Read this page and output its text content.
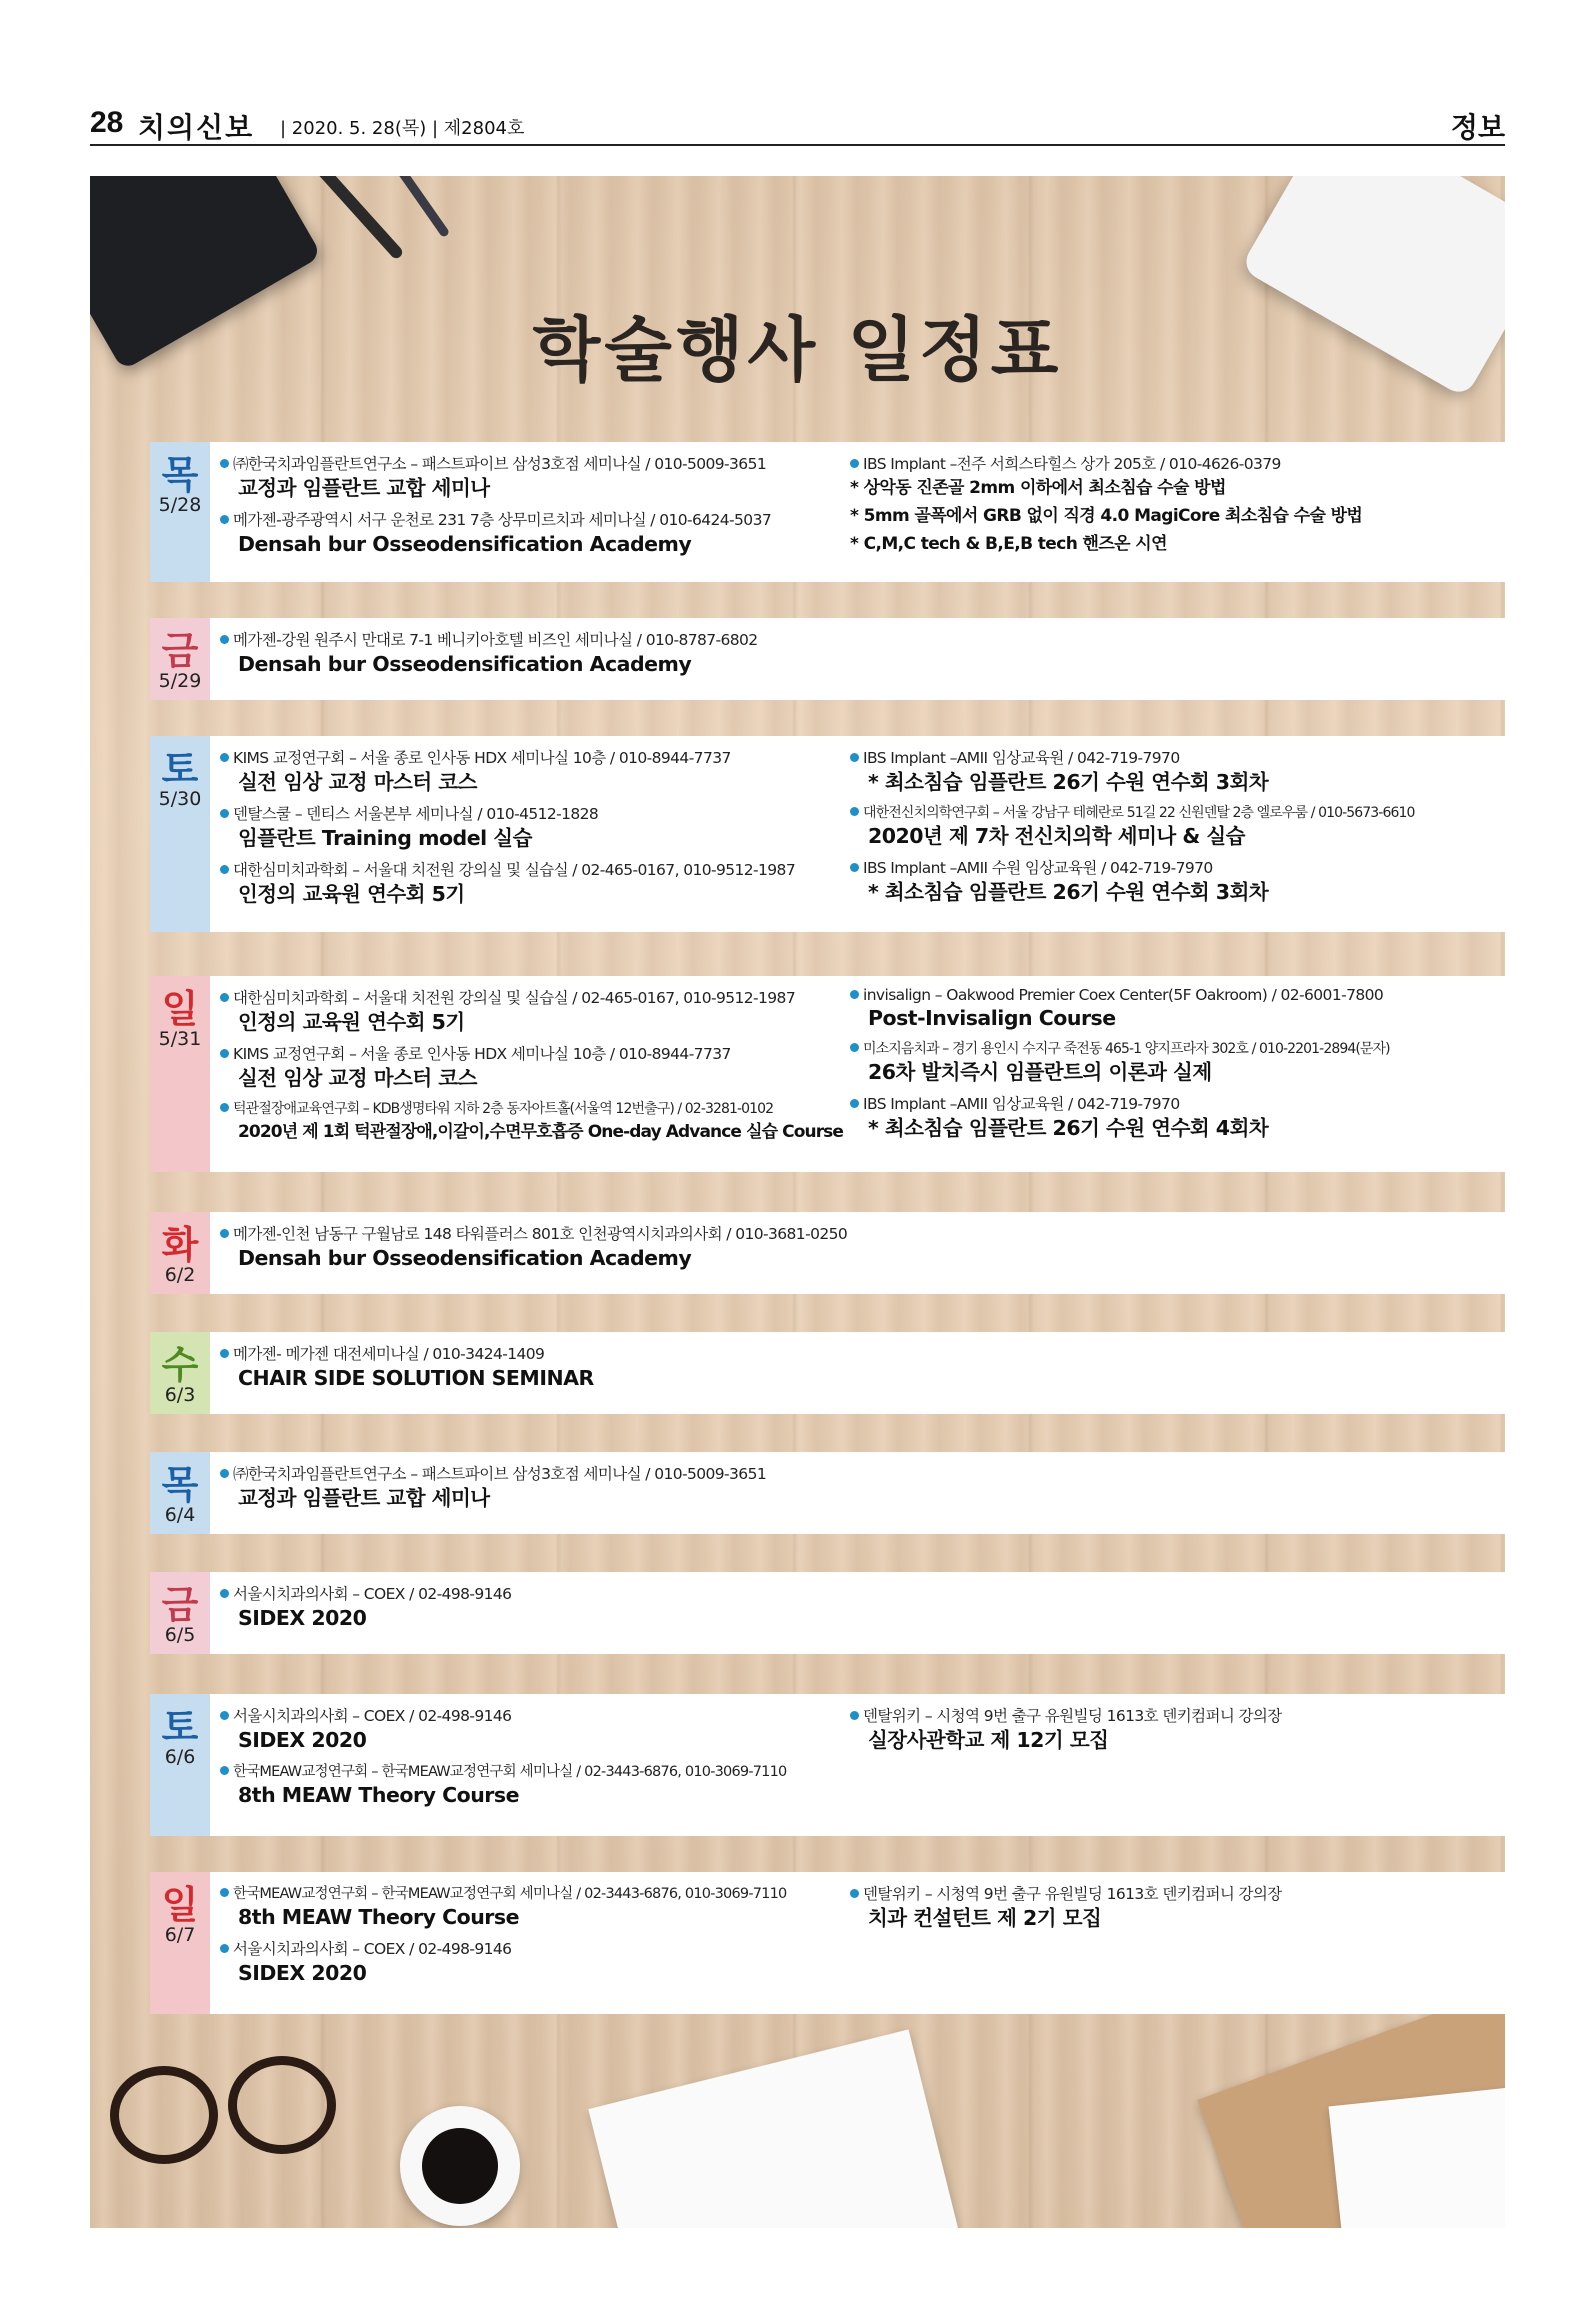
28 치의신보 | 2020. 5. 28(목) | 제2804호	정보
학술행사 일정표
목
5/28
㈜한국치과임플란트연구소 – 패스트파이브 삼성3호점 세미나실 / 010-5009-3651
교정과 임플란트 교합 세미나
메가젠-광주광역시 서구 운천로 231 7층 상무미르치과 세미나실 / 010-6424-5037
Densah bur Osseodensification Academy
IBS Implant –전주 서희스타힐스 상가 205호 / 010-4626-0379
* 상악동 진존골 2mm 이하에서 최소침습 수술 방법
* 5mm 골폭에서 GRB 없이 직경 4.0 MagiCore 최소침습 수술 방법
* C,M,C tech & B,E,B tech 핸즈온 시연
금
5/29
메가젠-강원 원주시 만대로 7-1 베니키아호텔 비즈인 세미나실 / 010-8787-6802
Densah bur Osseodensification Academy
토
5/30
KIMS 교정연구회 – 서울 종로 인사동 HDX 세미나실 10층 / 010-8944-7737
실전 임상 교정 마스터 코스
덴탈스쿨 – 덴티스 서울본부 세미나실 / 010-4512-1828
임플란트 Training model 실습
대한심미치과학회 – 서울대 치전원 강의실 및 실습실 / 02-465-0167, 010-9512-1987
인정의 교육원 연수회 5기
IBS Implant –AMII 임상교육원 / 042-719-7970
* 최소침습 임플란트 26기 수원 연수회 3회차
대한전신치의학연구회 – 서울 강남구 테헤란로 51길 22 신원덴탈 2층 엘로우룸 / 010-5673-6610
2020년 제 7차 전신치의학 세미나 & 실습
IBS Implant –AMII 수원 임상교육원 / 042-719-7970
* 최소침습 임플란트 26기 수원 연수회 3회차
일
5/31
대한심미치과학회 – 서울대 치전원 강의실 및 실습실 / 02-465-0167, 010-9512-1987
인정의 교육원 연수회 5기
KIMS 교정연구회 – 서울 종로 인사동 HDX 세미나실 10층 / 010-8944-7737
실전 임상 교정 마스터 코스
턱관절장애교육연구회 – KDB생명타워 지하 2층 동자아트홀(서울역 12번출구) / 02-3281-0102
2020년 제 1회 턱관절장애,이갈이,수면무호흡증 One-day Advance 실습 Course
invisalign – Oakwood Premier Coex Center(5F Oakroom) / 02-6001-7800
Post-Invisalign Course
미소지음치과 – 경기 용인시 수지구 죽전동 465-1 양지프라자 302호 / 010-2201-2894(문자)
26차 발치즉시 임플란트의 이론과 실제
IBS Implant –AMII 임상교육원 / 042-719-7970
* 최소침습 임플란트 26기 수원 연수회 4회차
화
6/2
메가젠-인천 남동구 구월남로 148 타워플러스 801호 인천광역시치과의사회 / 010-3681-0250
Densah bur Osseodensification Academy
수
6/3
메가젠- 메가젠 대전세미나실 / 010-3424-1409
CHAIR SIDE SOLUTION SEMINAR
목
6/4
㈜한국치과임플란트연구소 – 패스트파이브 삼성3호점 세미나실 / 010-5009-3651
교정과 임플란트 교합 세미나
금
6/5
서울시치과의사회 – COEX / 02-498-9146
SIDEX 2020
토
6/6
서울시치과의사회 – COEX / 02-498-9146
SIDEX 2020
한국MEAW교정연구회 – 한국MEAW교정연구회 세미나실 / 02-3443-6876, 010-3069-7110
8th MEAW Theory Course
덴탈위키 – 시청역 9번 출구 유원빌딩 1613호 덴키컴퍼니 강의장
실장사관학교 제 12기 모집
일
6/7
한국MEAW교정연구회 – 한국MEAW교정연구회 세미나실 / 02-3443-6876, 010-3069-7110
8th MEAW Theory Course
서울시치과의사회 – COEX / 02-498-9146
SIDEX 2020
덴탈위키 – 시청역 9번 출구 유원빌딩 1613호 덴키컴퍼니 강의장
치과 컨설턴트 제 2기 모집
